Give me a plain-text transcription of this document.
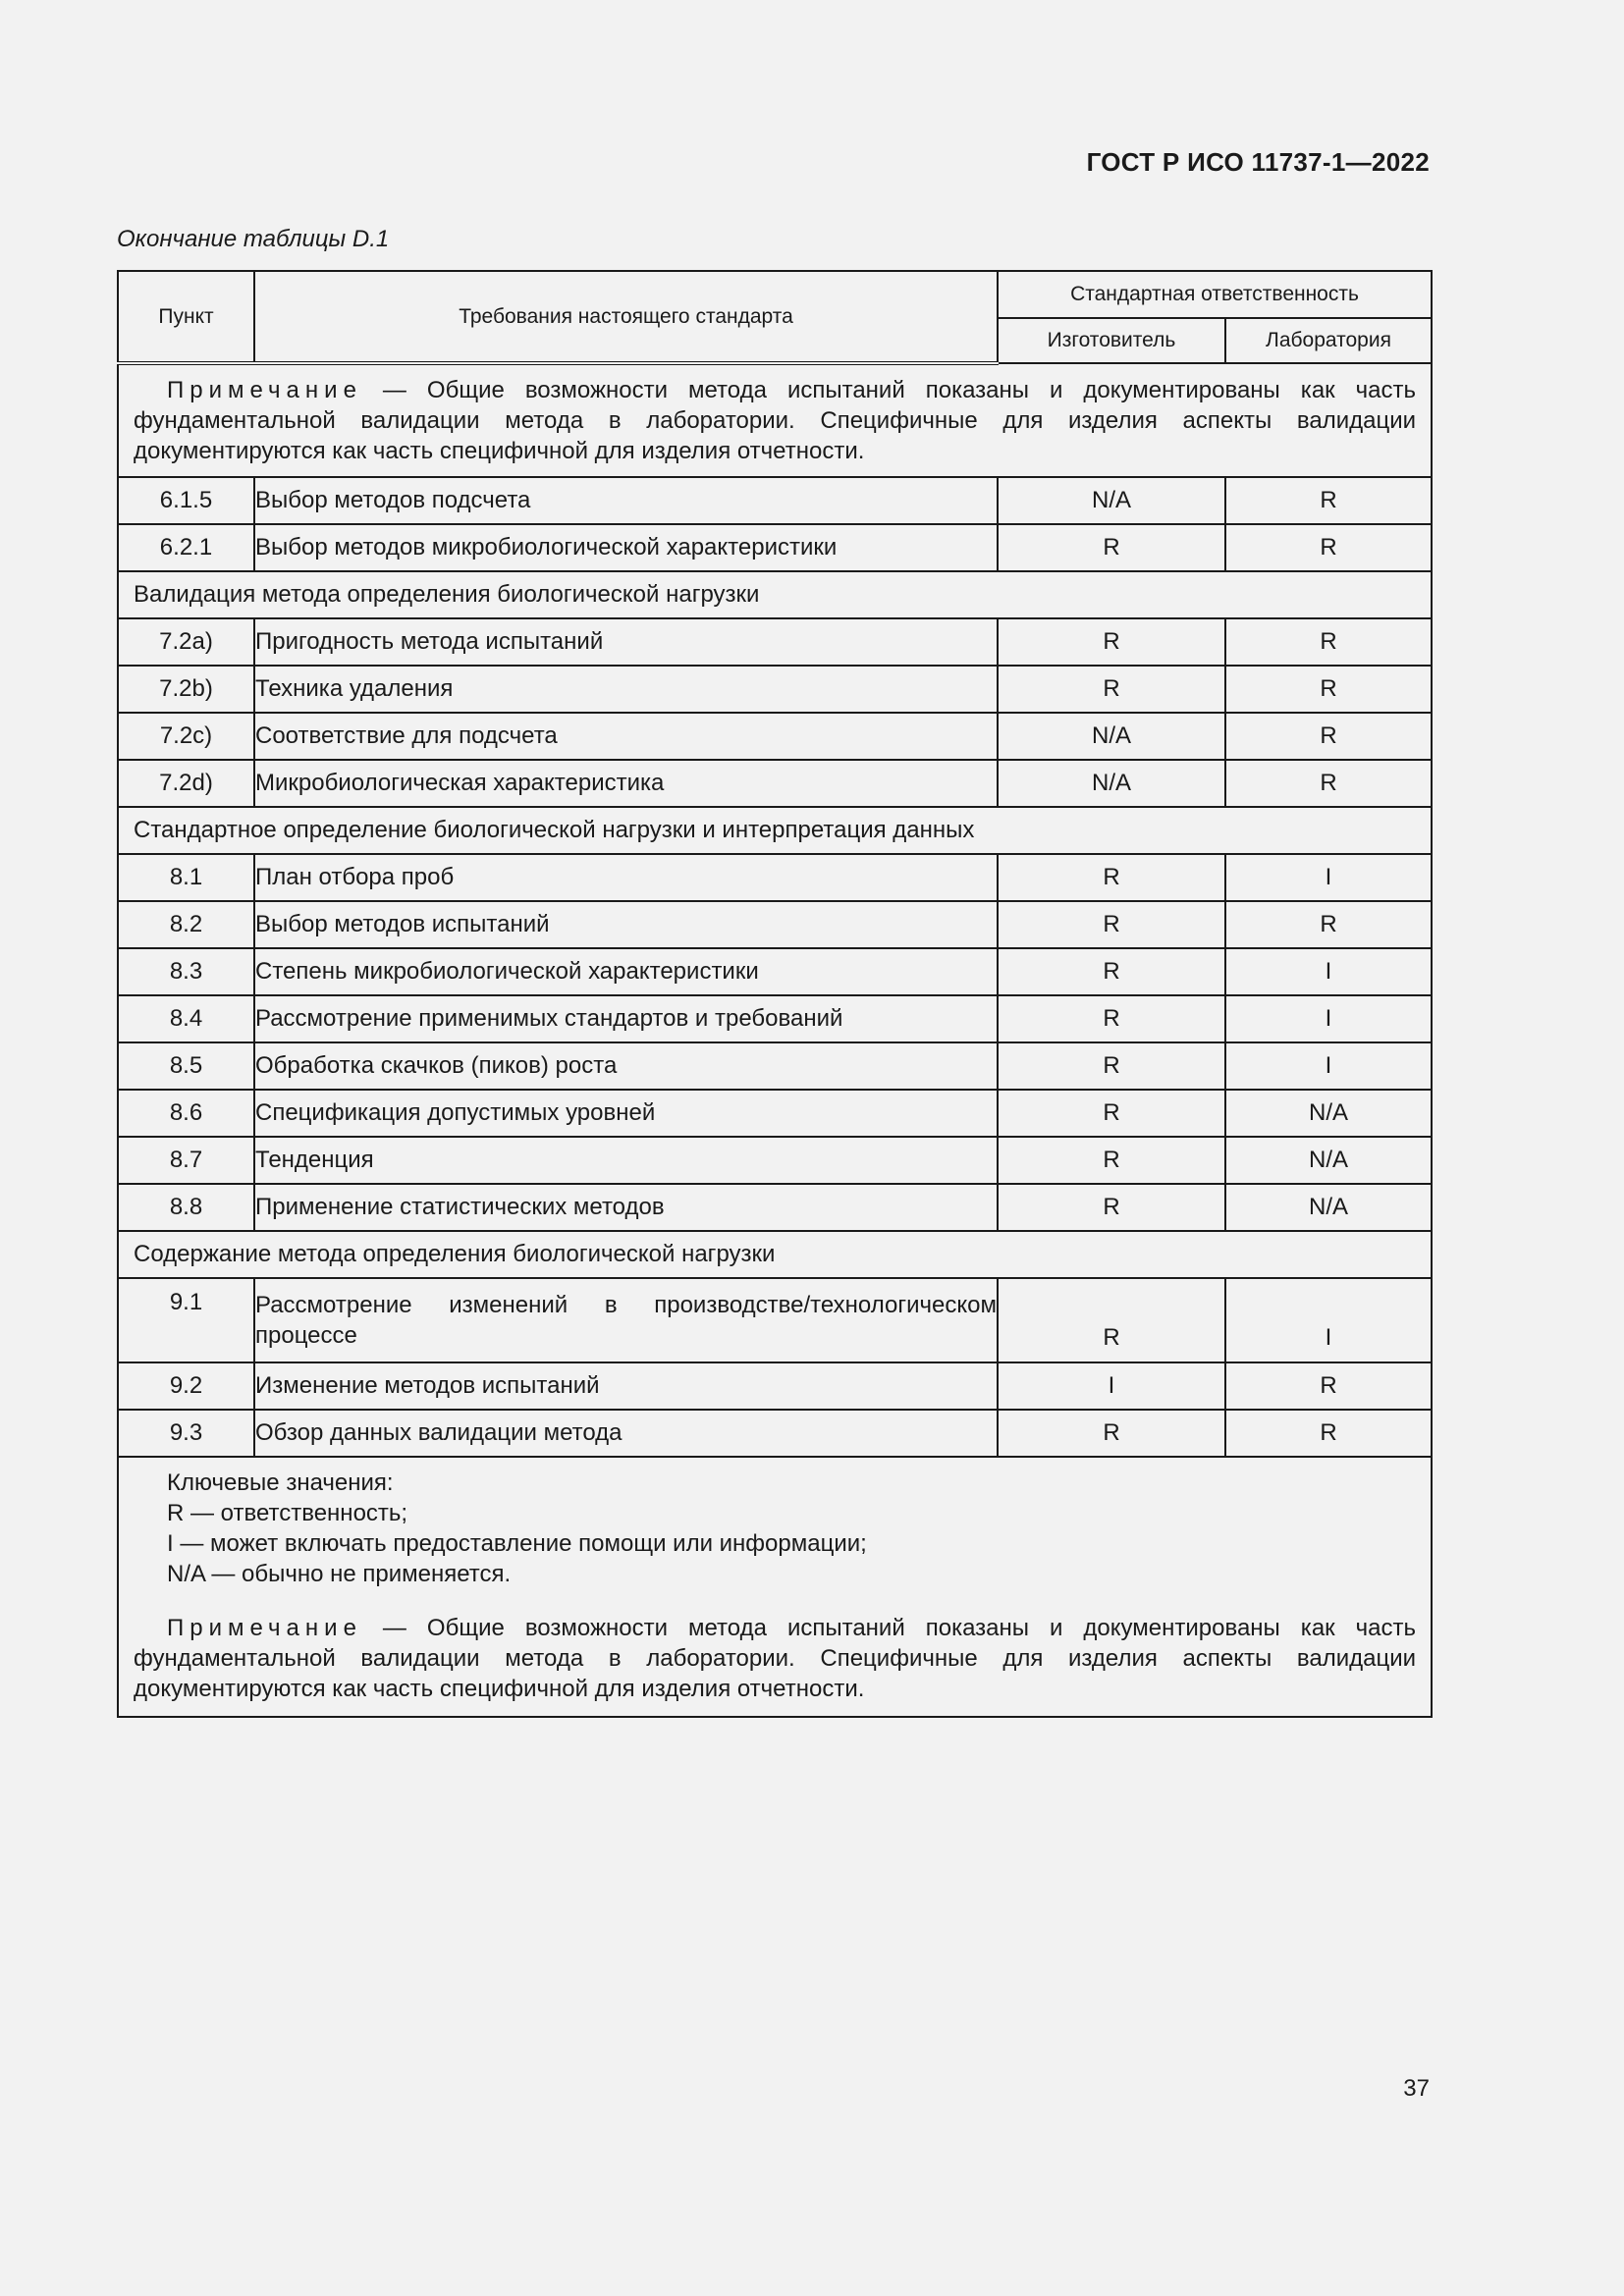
ГОСТ Р ИСО 11737-1—2022
Окончание таблицы D.1
Пункт	Требования настоящего стандарта	Стандартная ответственность	
		Изготовитель	Лаборатория
Примечание — Общие возможности метода испытаний показаны и документированы как часть фундаментальной валидации метода в лаборатории. Специфичные для изделия аспекты валидации документируются как часть специфичной для изделия отчетности.			
6.1.5	Выбор методов подсчета	N/A	R
6.2.1	Выбор методов микробиологической характеристики	R	R
Валидация метода определения биологической нагрузки			
7.2a)	Пригодность метода испытаний	R	R
7.2b)	Техника удаления	R	R
7.2c)	Соответствие для подсчета	N/A	R
7.2d)	Микробиологическая характеристика	N/A	R
Стандартное определение биологической нагрузки и интерпретация данных			
8.1	План отбора проб	R	I
8.2	Выбор методов испытаний	R	R
8.3	Степень микробиологической характеристики	R	I
8.4	Рассмотрение применимых стандартов и требований	R	I
8.5	Обработка скачков (пиков) роста	R	I
8.6	Спецификация допустимых уровней	R	N/A
8.7	Тенденция	R	N/A
8.8	Применение статистических методов	R	N/A
Содержание метода определения биологической нагрузки			
9.1	Рассмотрение изменений в производстве/технологическом процессе	R	I
9.2	Изменение методов испытаний	I	R
9.3	Обзор данных валидации метода	R	R

Ключевые значения:
R — ответственность;
I — может включать предоставление помощи или информации;
N/A — обычно не применяется.
Примечание — Общие возможности метода испытаний показаны и документированы как часть фундаментальной валидации метода в лаборатории. Специфичные для изделия аспекты валидации документируются как часть специфичной для изделия отчетности.			
37
